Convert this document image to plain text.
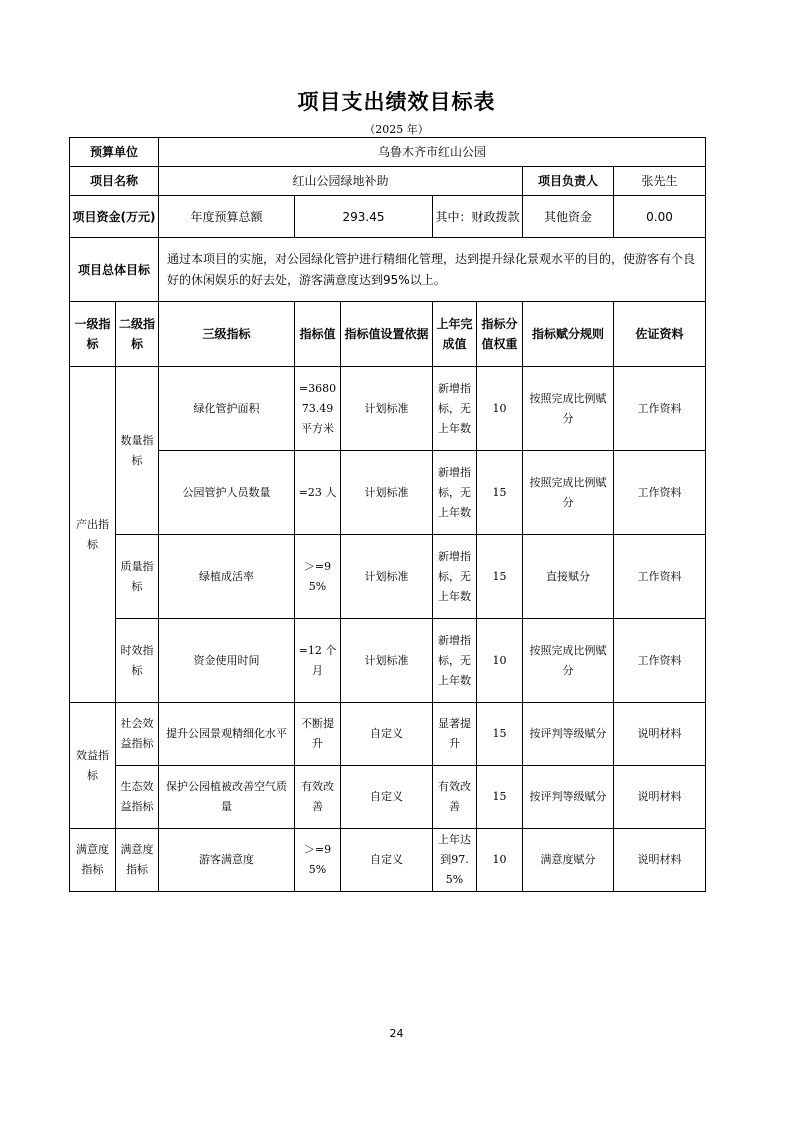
项目支出绩效目标表
（2025 年）
预算单位		乌鲁木齐市红山公园						
项目名称		红山公园绿地补助					项目负责人	张先生
项目资金(万元)		年度预算总额	293.45		其中：财政拨款		其他资金	0.00
项目总体目标		通过本项目的实施，对公园绿化管护进行精细化管理，达到提升绿化景观水平的目的，使游客有个良好的休闲娱乐的好去处，游客满意度达到95%以上。						
一级指标	二级指标	三级指标	指标值	指标值设置依据	上年完成值	指标分值权重	指标赋分规则	佐证资料
产出指标	数量指标	绿化管护面积	=368073.49平方米	计划标准	新增指标，无上年数	10	按照完成比例赋分	工作资料
		公园管护人员数量	=23 人	计划标准	新增指标，无上年数	15	按照完成比例赋分	工作资料
	质量指标	绿植成活率	＞=95%	计划标准	新增指标，无上年数	15	直接赋分	工作资料
	时效指标	资金使用时间	=12 个月	计划标准	新增指标，无上年数	10	按照完成比例赋分	工作资料
效益指标	社会效益指标	提升公园景观精细化水平	不断提升	自定义	显著提升	15	按评判等级赋分	说明材料
	生态效益指标	保护公园植被改善空气质量	有效改善	自定义	有效改善	15	按评判等级赋分	说明材料
满意度指标	满意度指标	游客满意度	＞=95%	自定义	上年达到97.5%	10	满意度赋分	说明材料
24
